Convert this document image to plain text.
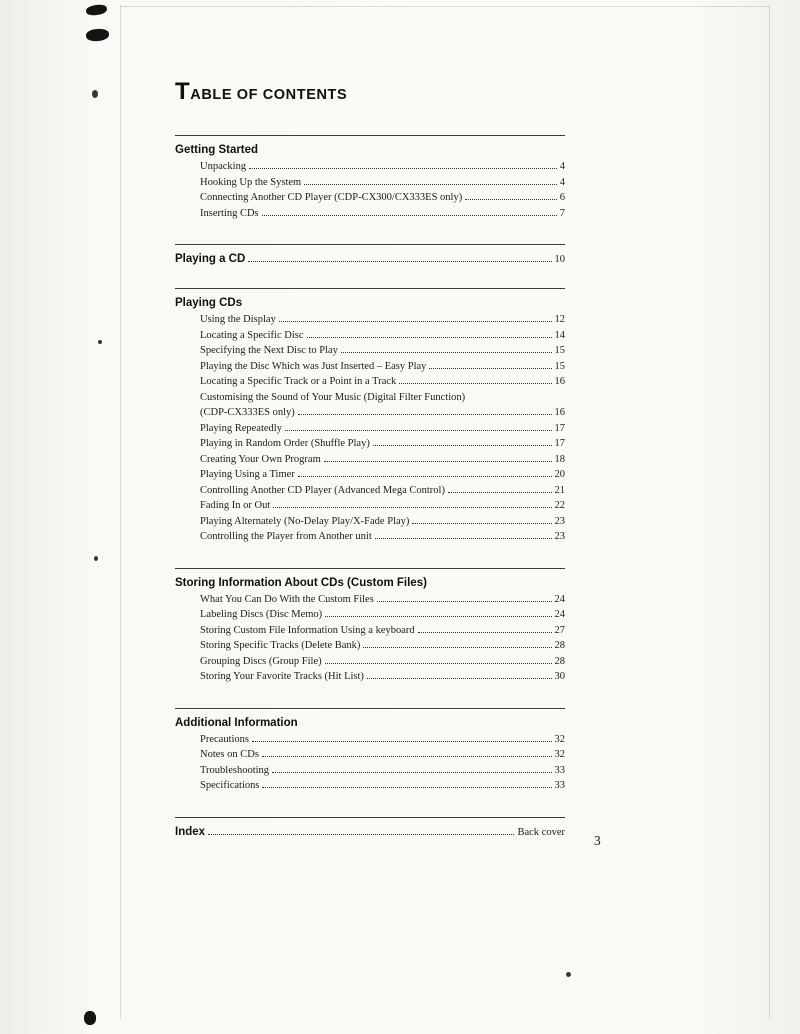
TABLE OF CONTENTS
Getting Started
Unpacking	4
Hooking Up the System	4
Connecting Another CD Player (CDP-CX300/CX333ES only)	6
Inserting CDs	7
Playing a CD	10
Playing CDs
Using the Display	12
Locating a Specific Disc	14
Specifying the Next Disc to Play	15
Playing the Disc Which was Just Inserted – Easy Play	15
Locating a Specific Track or a Point in a Track	16
Customising the Sound of Your Music (Digital Filter Function)
(CDP-CX333ES only)	16
Playing Repeatedly	17
Playing in Random Order (Shuffle Play)	17
Creating Your Own Program	18
Playing Using a Timer	20
Controlling Another CD Player (Advanced Mega Control)	21
Fading In or Out	22
Playing Alternately (No-Delay Play/X-Fade Play)	23
Controlling the Player from Another unit	23
Storing Information About CDs (Custom Files)
What You Can Do With the Custom Files	24
Labeling Discs (Disc Memo)	24
Storing Custom File Information Using a keyboard	27
Storing Specific Tracks (Delete Bank)	28
Grouping Discs (Group File)	28
Storing Your Favorite Tracks (Hit List)	30
Additional Information
Precautions	32
Notes on CDs	32
Troubleshooting	33
Specifications	33
Index	Back cover
3
